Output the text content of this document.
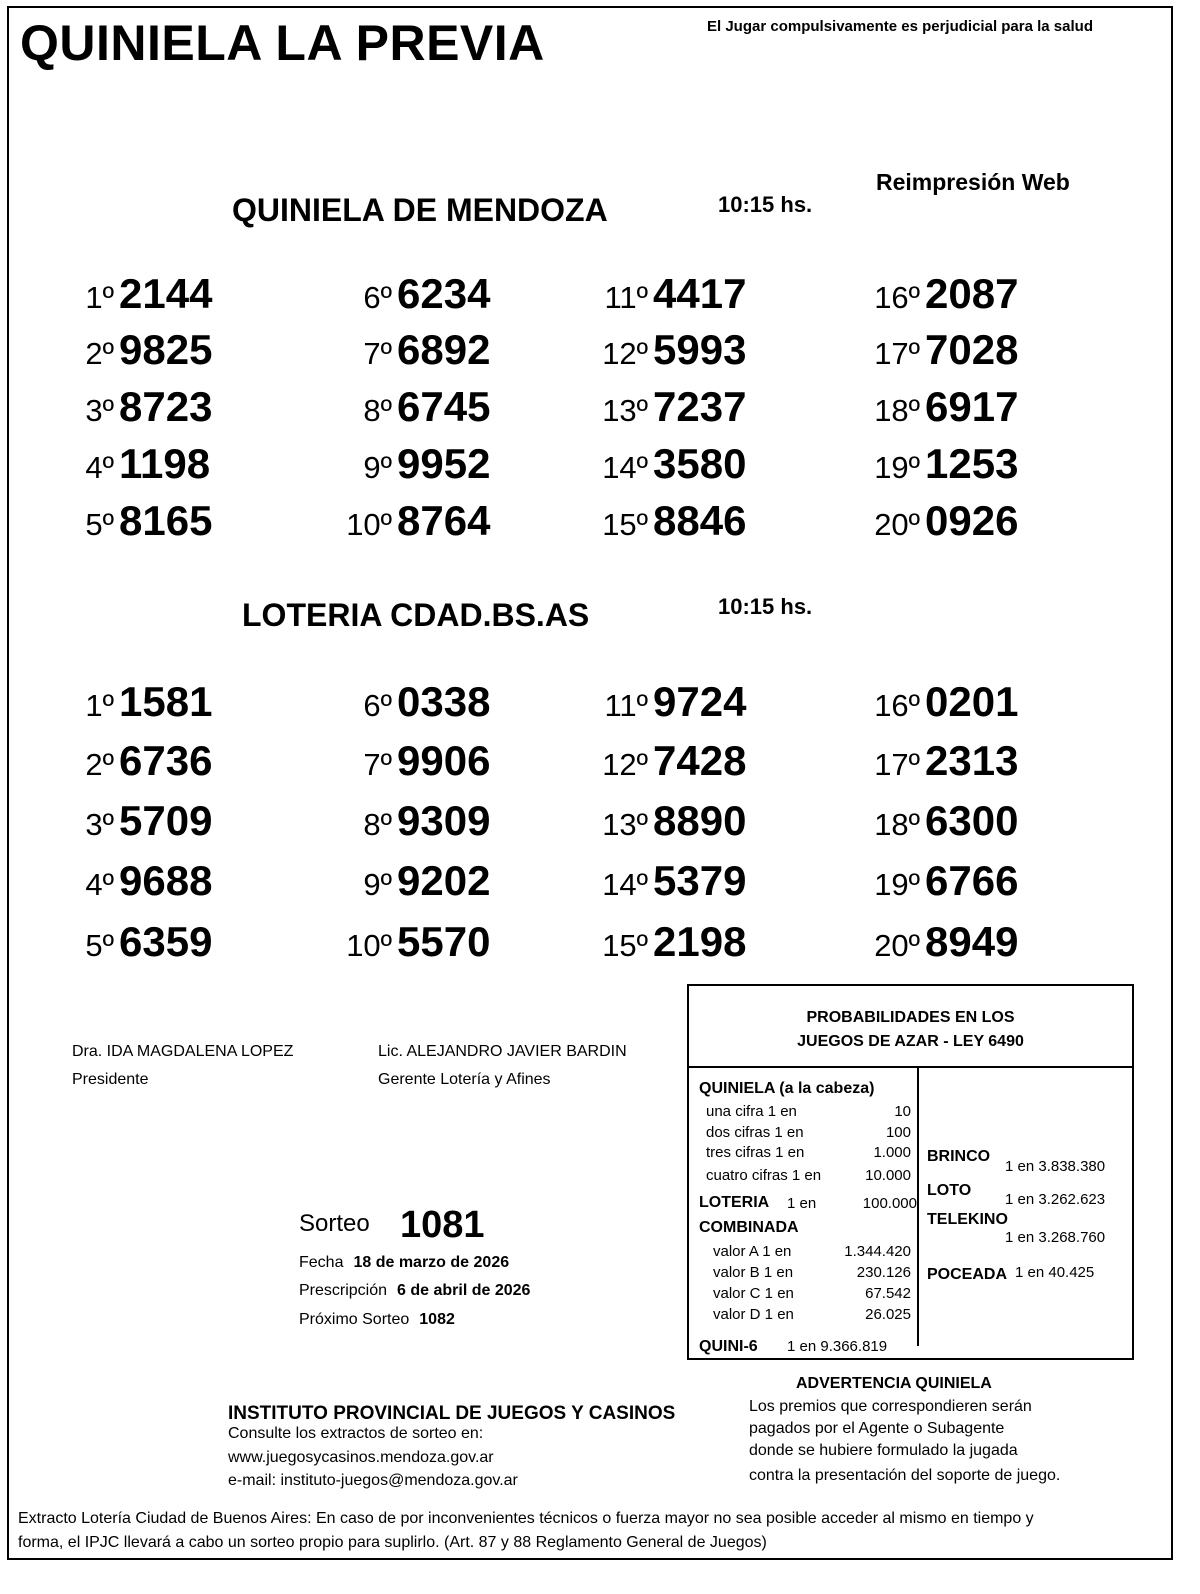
QUINIELA LA PREVIA	El Jugar compulsivamente es perjudicial para la salud
Reimpresión Web
QUINIELA DE MENDOZA	10:15 hs.
1º 2144
2º 9825
3º 8723
4º 1198
5º 8165
6º 6234
7º 6892
8º 6745
9º 9952
10º 8764
11º 4417
12º 5993
13º 7237
14º 3580
15º 8846
16º 2087
17º 7028
18º 6917
19º 1253
20º 0926
LOTERIA CDAD.BS.AS	10:15 hs.
1º 1581
2º 6736
3º 5709
4º 9688
5º 6359
6º 0338
7º 9906
8º 9309
9º 9202
10º 5570
11º 9724
12º 7428
13º 8890
14º 5379
15º 2198
16º 0201
17º 2313
18º 6300
19º 6766
20º 8949
Dra. IDA MAGDALENA LOPEZ
Presidente
Lic. ALEJANDRO JAVIER BARDIN
Gerente Lotería y Afines
Sorteo 1081
Fecha 18 de marzo de 2026
Prescripción 6 de abril de 2026
Próximo Sorteo 1082
PROBABILIDADES EN LOS
JUEGOS DE AZAR - LEY 6490
QUINIELA (a la cabeza)
una cifra 1 en	10
dos cifras 1 en	100
tres cifras 1 en	1.000
cuatro cifras 1 en	10.000
LOTERIA 1 en	100.000
COMBINADA
valor A 1 en	1.344.420
valor B 1 en	230.126
valor C 1 en	67.542
valor D 1 en	26.025
QUINI-6 1 en 9.366.819
BRINCO
1 en 3.838.380
LOTO
1 en 3.262.623
TELEKINO
1 en 3.268.760
POCEADA 1 en 40.425
INSTITUTO PROVINCIAL DE JUEGOS Y CASINOS
Consulte los extractos de sorteo en:
www.juegosycasinos.mendoza.gov.ar
e-mail: instituto-juegos@mendoza.gov.ar
ADVERTENCIA QUINIELA
Los premios que correspondieren serán
pagados por el Agente o Subagente
donde se hubiere formulado la jugada
contra la presentación del soporte de juego.
Extracto Lotería Ciudad de Buenos Aires: En caso de por inconvenientes técnicos o fuerza mayor no sea posible acceder al mismo en tiempo y
forma, el IPJC llevará a cabo un sorteo propio para suplirlo. (Art. 87 y 88 Reglamento General de Juegos)
